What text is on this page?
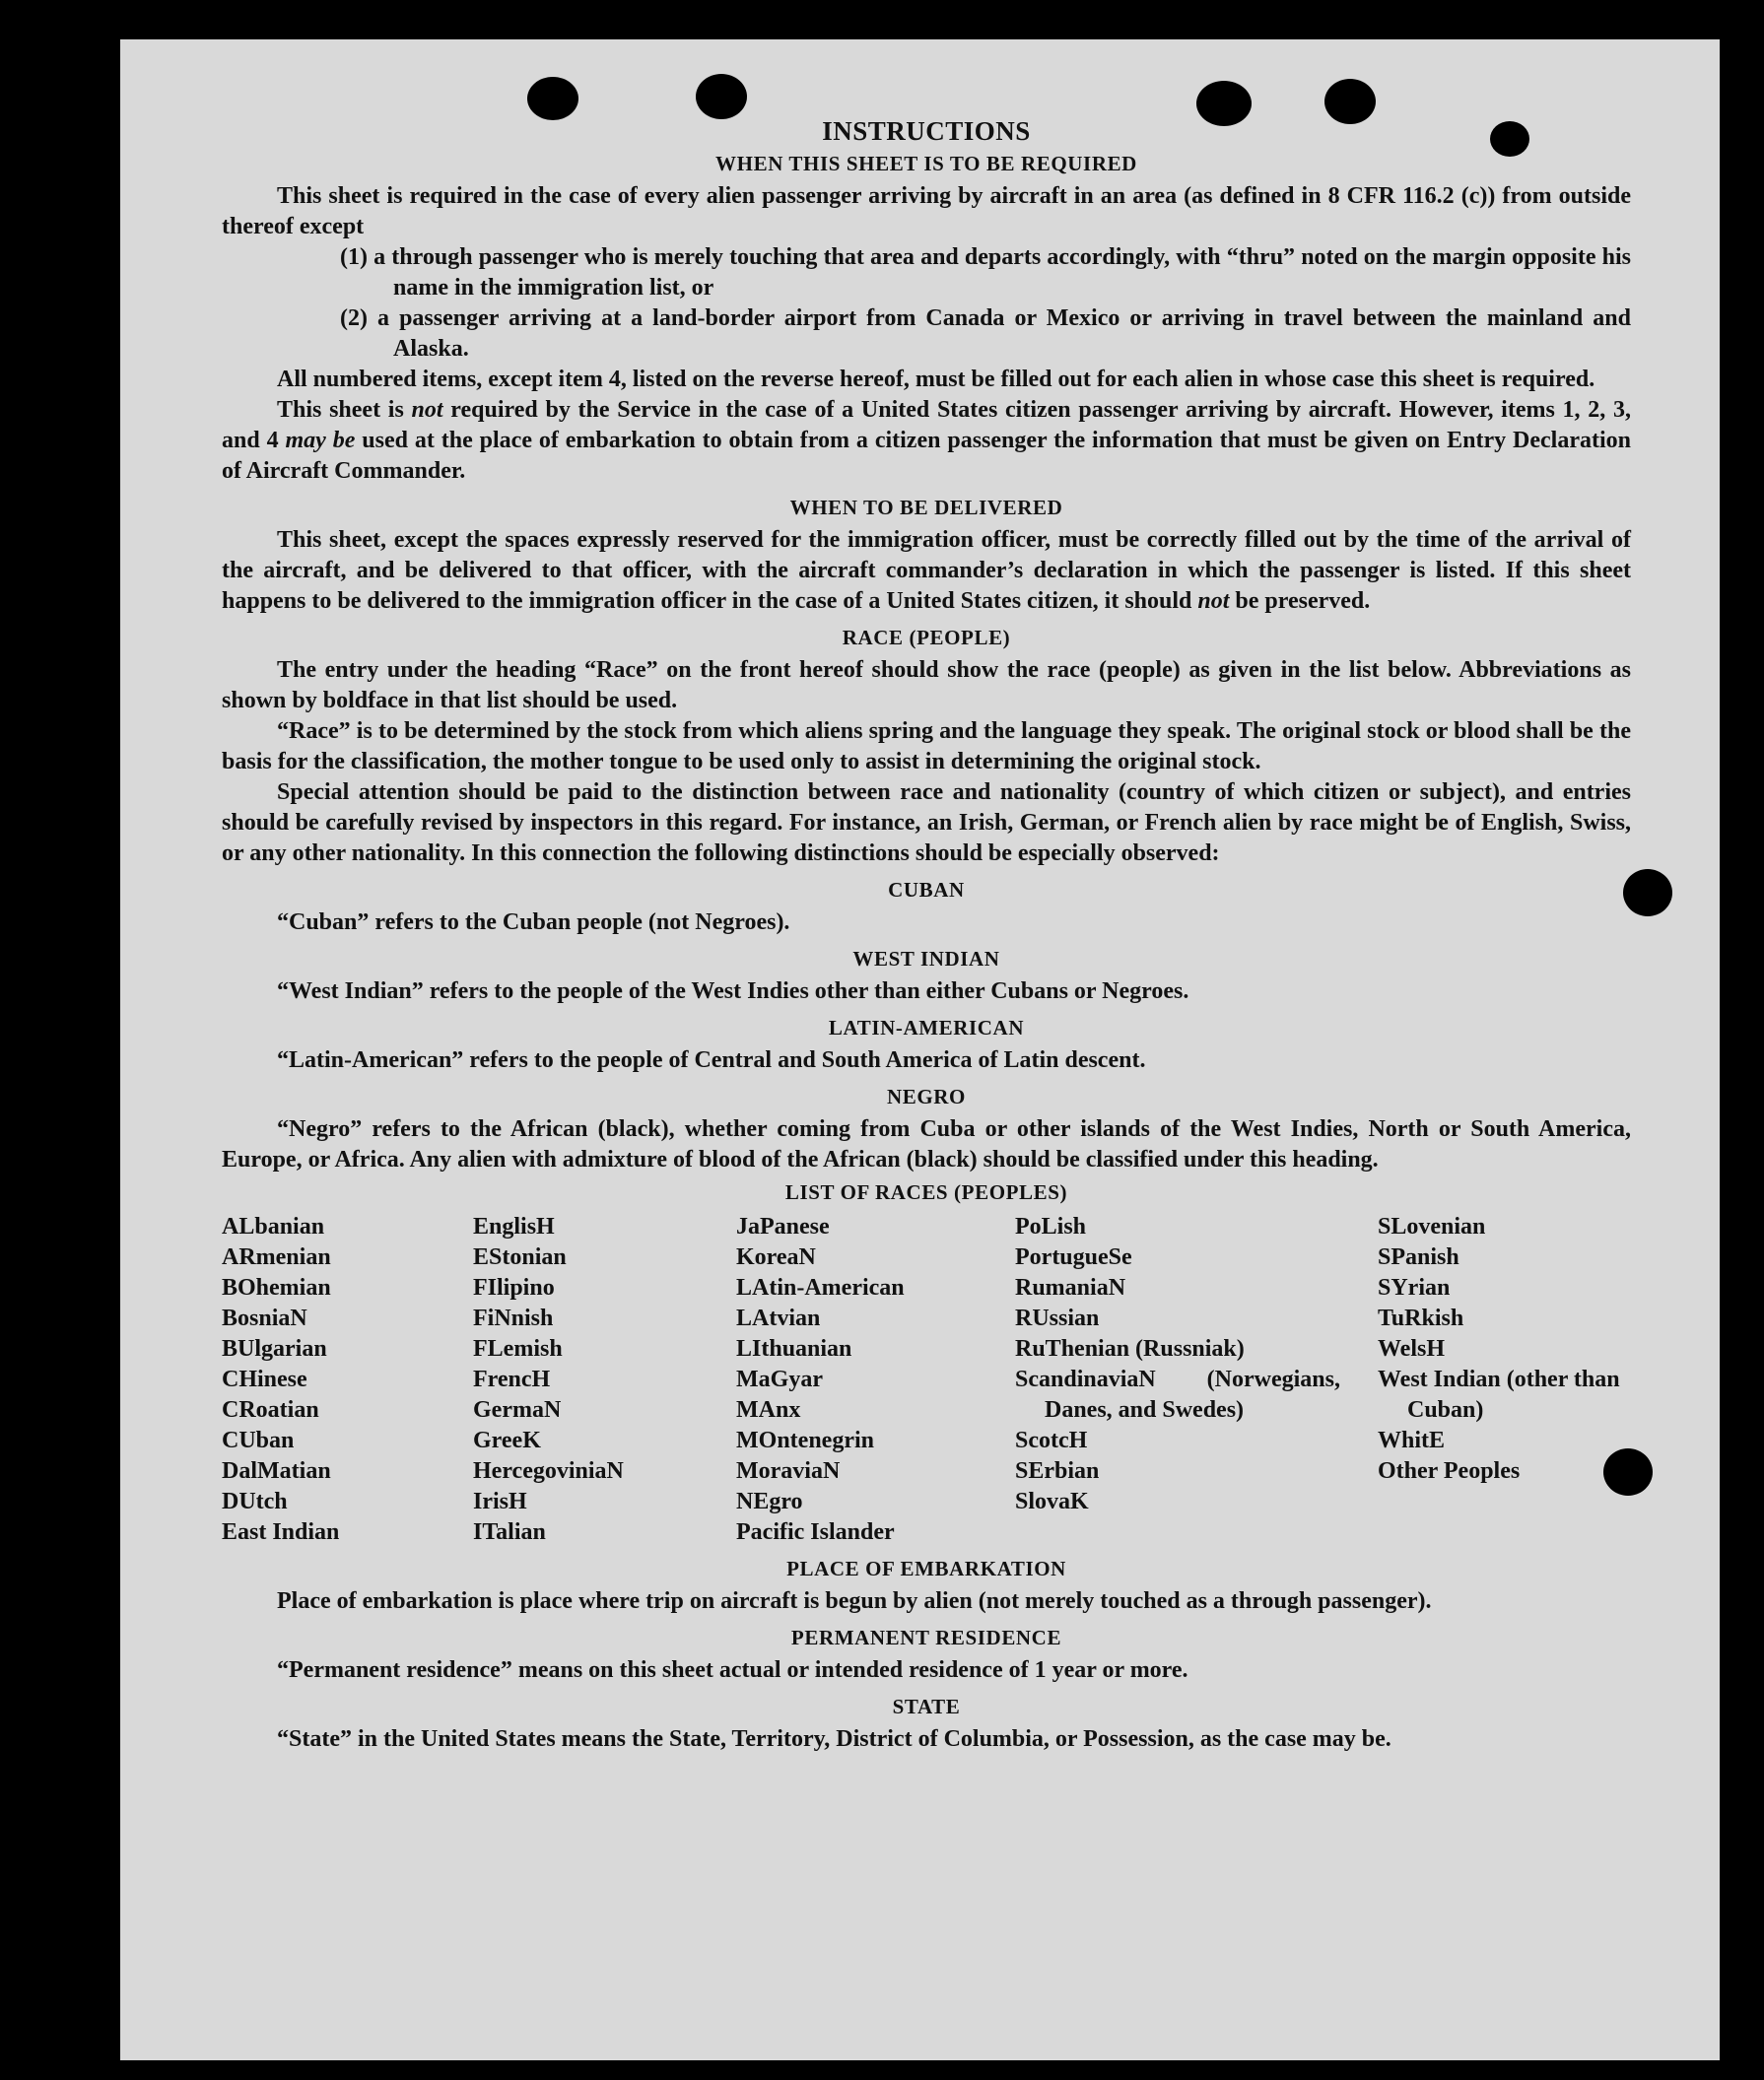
INSTRUCTIONS
WHEN THIS SHEET IS TO BE REQUIRED

This sheet is required in the case of every alien passenger arriving by aircraft in an area (as defined in 8 CFR 116.2 (c)) from outside thereof except

(1) a through passenger who is merely touching that area and departs accordingly, with “thru” noted on the margin opposite his name in the immigration list, or
(2) a passenger arriving at a land-border airport from Canada or Mexico or arriving in travel between the mainland and Alaska.

All numbered items, except item 4, listed on the reverse hereof, must be filled out for each alien in whose case this sheet is required.

This sheet is not required by the Service in the case of a United States citizen passenger arriving by aircraft. However, items 1, 2, 3, and 4 may be used at the place of embarkation to obtain from a citizen passenger the information that must be given on Entry Declaration of Aircraft Commander.

WHEN TO BE DELIVERED

This sheet, except the spaces expressly reserved for the immigration officer, must be correctly filled out by the time of the arrival of the aircraft, and be delivered to that officer, with the aircraft commander’s declaration in which the passenger is listed. If this sheet happens to be delivered to the immigration officer in the case of a United States citizen, it should not be preserved.

RACE (PEOPLE)

The entry under the heading “Race” on the front hereof should show the race (people) as given in the list below. Abbreviations as shown by boldface in that list should be used.

“Race” is to be determined by the stock from which aliens spring and the language they speak. The original stock or blood shall be the basis for the classification, the mother tongue to be used only to assist in determining the original stock.

Special attention should be paid to the distinction between race and nationality (country of which citizen or subject), and entries should be carefully revised by inspectors in this regard. For instance, an Irish, German, or French alien by race might be of English, Swiss, or any other nationality. In this connection the following distinctions should be especially observed:

CUBAN

“Cuban” refers to the Cuban people (not Negroes).

WEST INDIAN

“West Indian” refers to the people of the West Indies other than either Cubans or Negroes.

LATIN-AMERICAN

“Latin-American” refers to the people of Central and South America of Latin descent.

NEGRO

“Negro” refers to the African (black), whether coming from Cuba or other islands of the West Indies, North or South America, Europe, or Africa. Any alien with admixture of blood of the African (black) should be classified under this heading.

LIST OF RACES (PEOPLES)
ALbanian
ARmenian
BOhemian
BosniaN
BUlgarian
CHinese
CRoatian
CUban
DalMatian
DUtch
East Indian
EnglisH
EStonian
FIlipino
FiNnish
FLemish
FrencH
GermaN
GreeK
HercegoviniaN
IrisH
ITalian
JaPanese
KoreaN
LAtin-American
LAtvian
LIthuanian
MaGyar
MAnx
MOntenegrin
MoraviaN
NEgro
Pacific Islander
PoLish
PortugueSe
RumaniaN
RUssian
RuThenian (Russniak)
ScandinaviaN (Norwegians, Danes, and Swedes)
ScotcH
SErbian
SlovaK
SLovenian
SPanish
SYrian
TuRkish
WelsH
West Indian (other than Cuban)
WhitE
Other Peoples
PLACE OF EMBARKATION

Place of embarkation is place where trip on aircraft is begun by alien (not merely touched as a through passenger).

PERMANENT RESIDENCE

“Permanent residence” means on this sheet actual or intended residence of 1 year or more.

STATE

“State” in the United States means the State, Territory, District of Columbia, or Possession, as the case may be.
